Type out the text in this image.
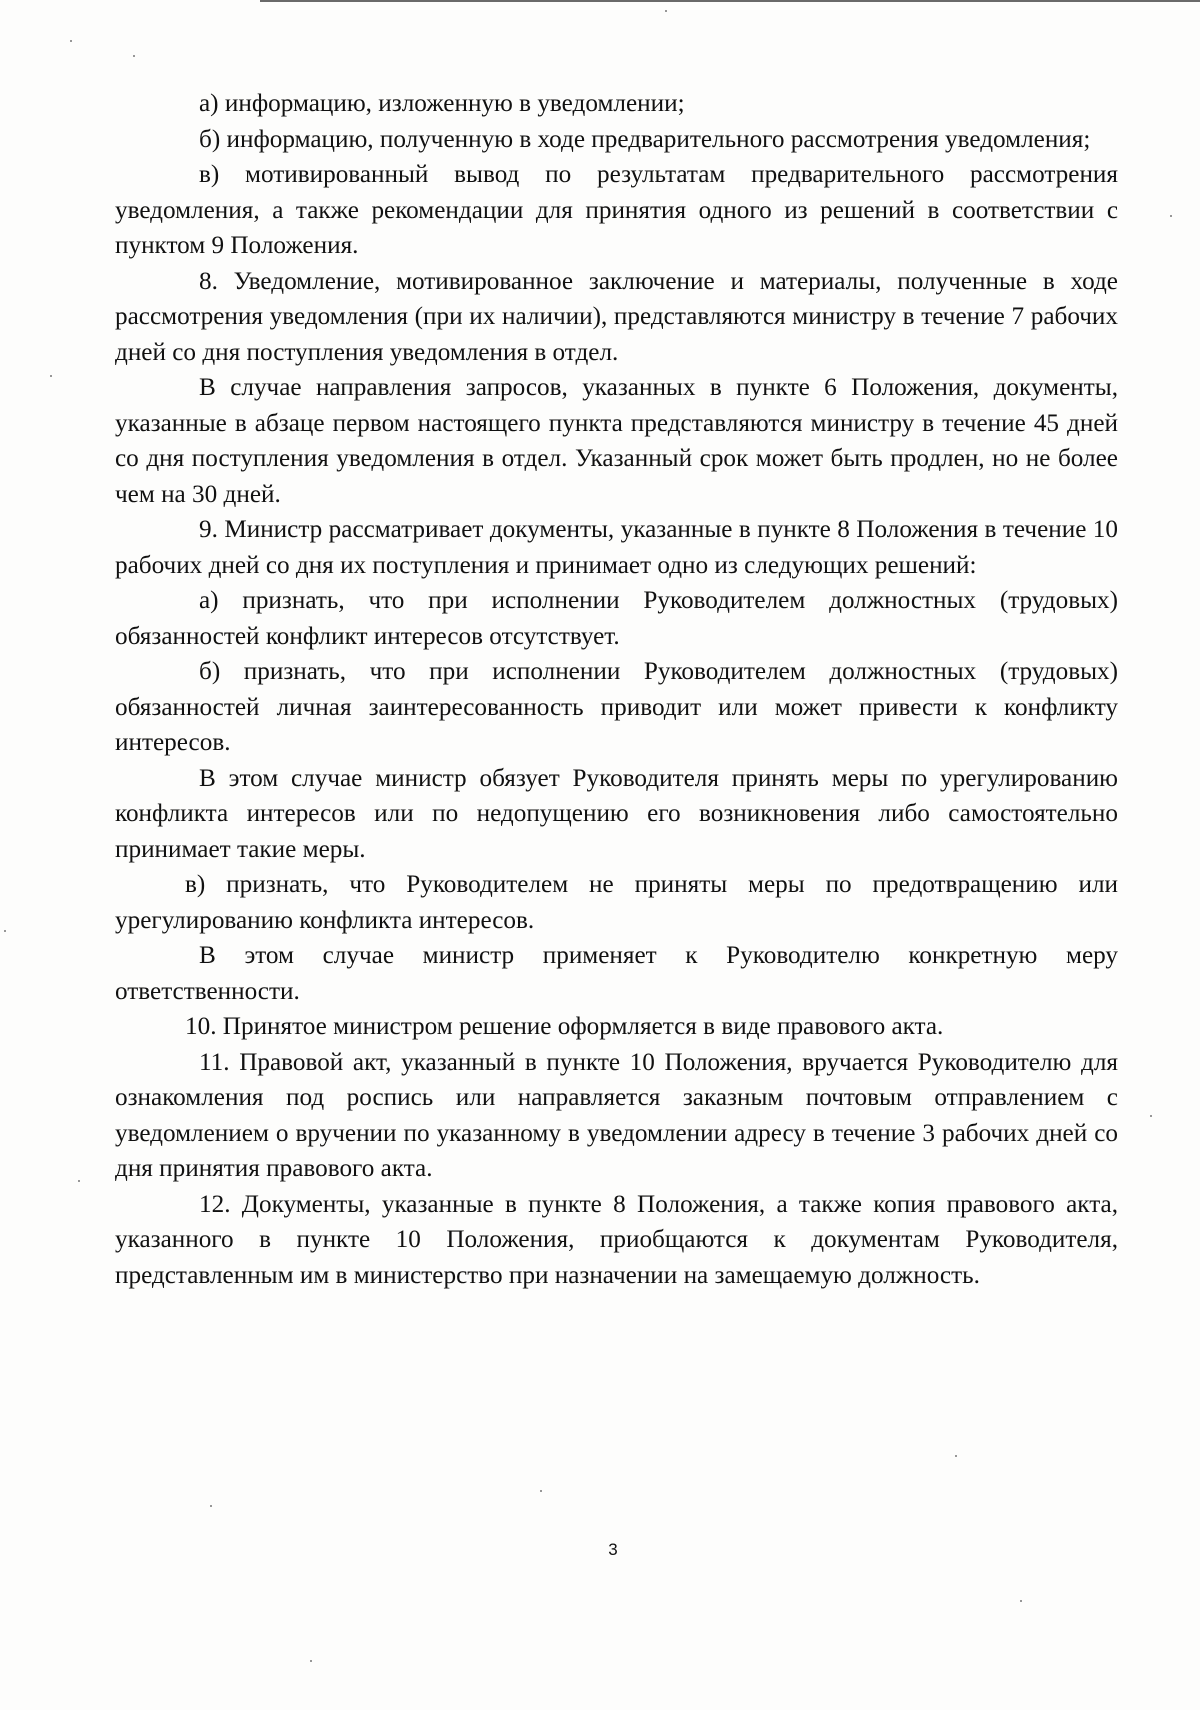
а) информацию, изложенную в уведомлении;

б) информацию, полученную в ходе предварительного рассмотрения уведомления;

в) мотивированный вывод по результатам предварительного рассмотрения уведомления, а также рекомендации для принятия одного из решений в соответствии с пунктом 9 Положения.

8. Уведомление, мотивированное заключение и материалы, полученные в ходе рассмотрения уведомления (при их наличии), представляются министру в течение 7 рабочих дней со дня поступления уведомления в отдел.

В случае направления запросов, указанных в пункте 6 Положения, документы, указанные в абзаце первом настоящего пункта представляются министру в течение 45 дней со дня поступления уведомления в отдел. Указанный срок может быть продлен, но не более чем на 30 дней.

9. Министр рассматривает документы, указанные в пункте 8 Положения в течение 10 рабочих дней со дня их поступления и принимает одно из следующих решений:

а) признать, что при исполнении Руководителем должностных (трудовых) обязанностей конфликт интересов отсутствует.

б) признать, что при исполнении Руководителем должностных (трудовых) обязанностей личная заинтересованность приводит или может привести к конфликту интересов.

В этом случае министр обязует Руководителя принять меры по урегулированию конфликта интересов или по недопущению его возникновения либо самостоятельно принимает такие меры.

в) признать, что Руководителем не приняты меры по предотвращению или урегулированию конфликта интересов.

В этом случае министр применяет к Руководителю конкретную меру ответственности.

10. Принятое министром решение оформляется в виде правового акта.

11. Правовой акт, указанный в пункте 10 Положения, вручается Руководителю для ознакомления под роспись или направляется заказным почтовым отправлением с уведомлением о вручении по указанному в уведомлении адресу в течение 3 рабочих дней со дня принятия правового акта.

12. Документы, указанные в пункте 8 Положения, а также копия правового акта, указанного в пункте 10 Положения, приобщаются к документам Руководителя, представленным им в министерство при назначении на замещаемую должность.

3
